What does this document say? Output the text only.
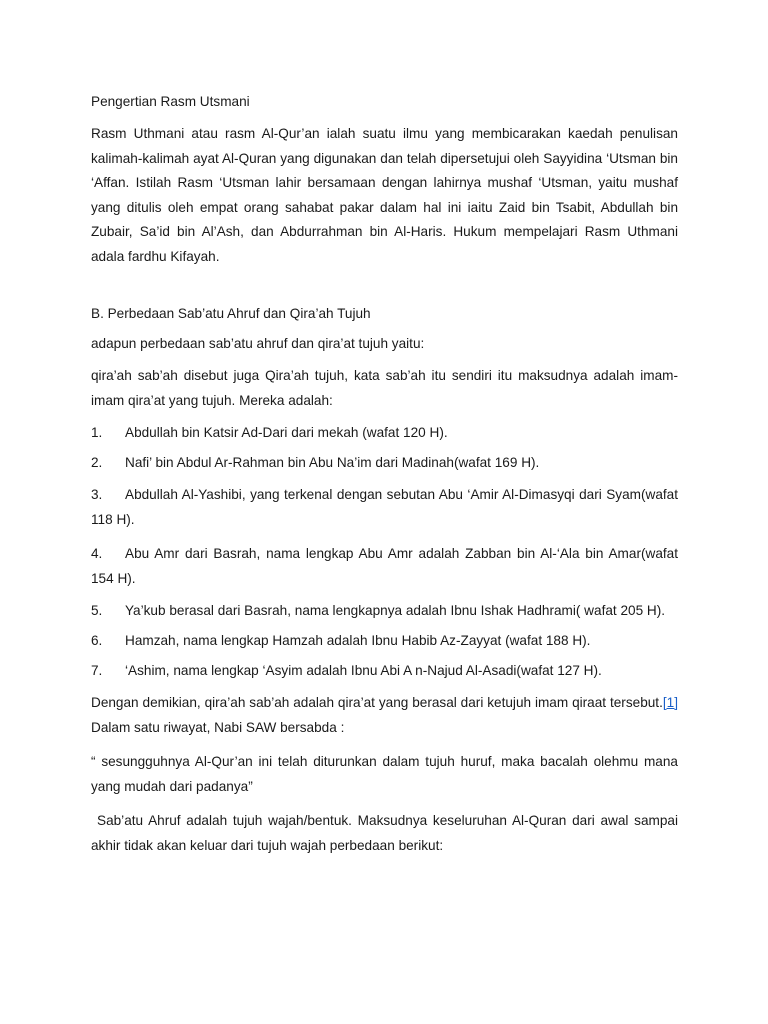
Pengertian Rasm Utsmani

Rasm Uthmani atau rasm Al-Qur’an ialah suatu ilmu yang membicarakan kaedah penulisan kalimah-kalimah ayat Al-Quran yang digunakan dan telah dipersetujui oleh Sayyidina ‘Utsman bin ‘Affan. Istilah Rasm ‘Utsman lahir bersamaan dengan lahirnya mushaf ‘Utsman, yaitu mushaf yang ditulis oleh empat orang sahabat pakar dalam hal ini iaitu Zaid bin Tsabit, Abdullah bin Zubair, Sa’id bin Al’Ash, dan Abdurrahman bin Al-Haris. Hukum mempelajari Rasm Uthmani adala fardhu Kifayah.

B. Perbedaan Sab’atu Ahruf dan Qira’ah Tujuh

adapun perbedaan sab’atu ahruf dan qira’at tujuh yaitu:

qira’ah sab’ah disebut juga Qira’ah tujuh, kata sab’ah itu sendiri itu maksudnya adalah imam-imam qira’at yang tujuh. Mereka adalah:

1. Abdullah bin Katsir Ad-Dari dari mekah (wafat 120 H).

2. Nafi’ bin Abdul Ar-Rahman bin Abu Na’im dari Madinah(wafat 169 H).

3. Abdullah Al-Yashibi, yang terkenal dengan sebutan Abu ‘Amir Al-Dimasyqi dari Syam(wafat 118 H).

4. Abu Amr dari Basrah, nama lengkap Abu Amr adalah Zabban bin Al-‘Ala bin Amar(wafat 154 H).

5. Ya’kub berasal dari Basrah, nama lengkapnya adalah Ibnu Ishak Hadhrami( wafat 205 H).

6. Hamzah, nama lengkap Hamzah adalah Ibnu Habib Az-Zayyat (wafat 188 H).

7. ‘Ashim, nama lengkap ‘Asyim adalah Ibnu Abi A n-Najud Al-Asadi(wafat 127 H).

Dengan demikian, qira’ah sab’ah adalah qira’at yang berasal dari ketujuh imam qiraat tersebut.[1] Dalam satu riwayat, Nabi SAW bersabda :

“ sesungguhnya Al-Qur’an ini telah diturunkan dalam tujuh huruf, maka bacalah olehmu mana yang mudah dari padanya”

Sab’atu Ahruf adalah tujuh wajah/bentuk. Maksudnya keseluruhan Al-Quran dari awal sampai akhir tidak akan keluar dari tujuh wajah perbedaan berikut:
